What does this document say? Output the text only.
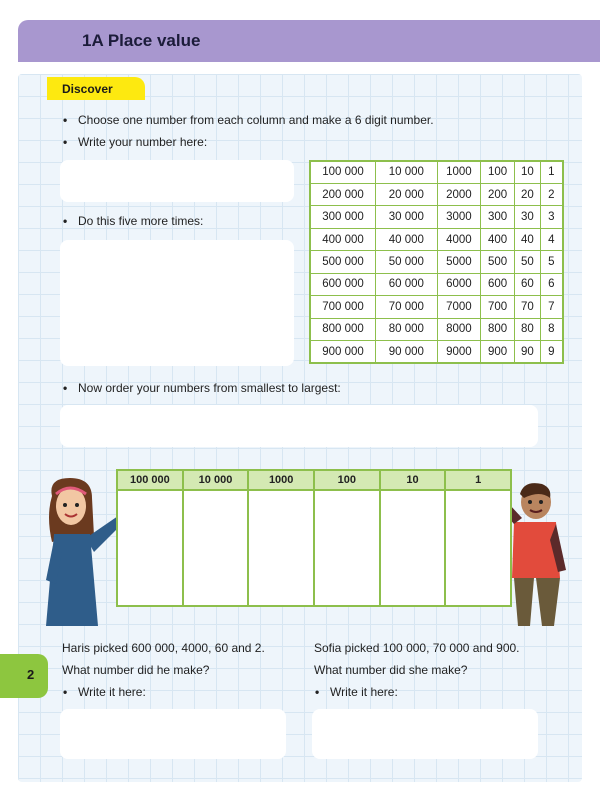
1A Place value
Discover
• Choose one number from each column and make a 6 digit number.
• Write your number here:
• Do this five more times:
100 000	10 000	1000	100	10	1
200 000	20 000	2000	200	20	2
300 000	30 000	3000	300	30	3
400 000	40 000	4000	400	40	4
500 000	50 000	5000	500	50	5
600 000	60 000	6000	600	60	6
700 000	70 000	7000	700	70	7
800 000	80 000	8000	800	80	8
900 000	90 000	9000	900	90	9
• Now order your numbers from smallest to largest:
100 000	10 000	1000	100	10	1
2
Haris picked 600 000, 4000, 60 and 2.
What number did he make?
• Write it here:
Sofia picked 100 000, 70 000 and 900.
What number did she make?
• Write it here:
